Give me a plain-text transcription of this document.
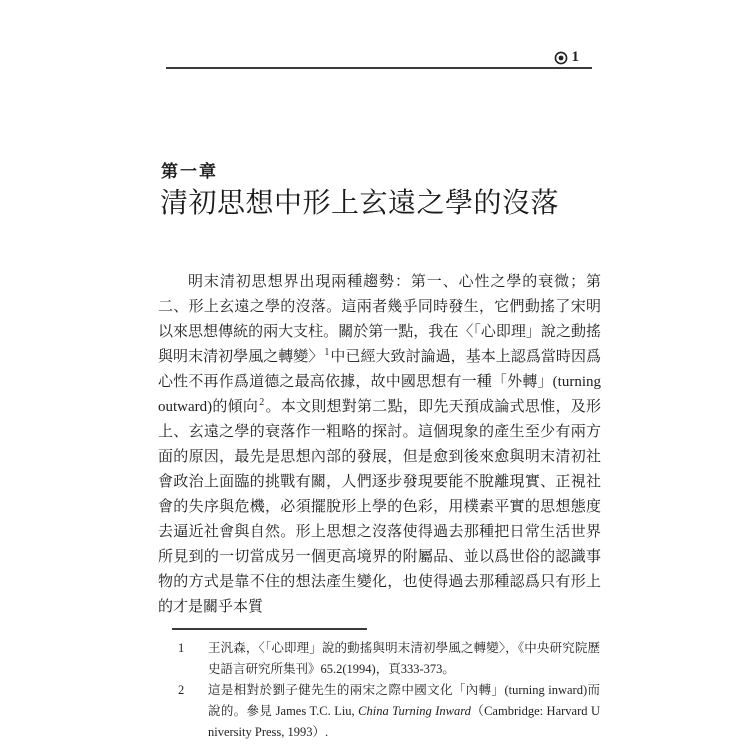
1
第一章
清初思想中形上玄遠之學的沒落

明末清初思想界出現兩種趨勢：第一、心性之學的衰微；第二、形上玄遠之學的沒落。這兩者幾乎同時發生，它們動搖了宋明以來思想傳統的兩大支柱。關於第一點，我在〈「心即理」說之動搖與明末清初學風之轉變〉$^1$中已經大致討論過，基本上認爲當時因爲心性不再作爲道德之最高依據，故中國思想有一種「外轉」(turning outward)的傾向$^2$。本文則想對第二點，即先天預成論式思惟，及形上、玄遠之學的衰落作一粗略的探討。這個現象的產生至少有兩方面的原因，最先是思想內部的發展，但是愈到後來愈與明末清初社會政治上面臨的挑戰有關，人們逐步發現要能不脫離現實、正視社會的失序與危機，必須擺脫形上學的色彩，用樸素平實的思想態度去逼近社會與自然。形上思想之沒落使得過去那種把日常生活世界所見到的一切當成另一個更高境界的附屬品、並以爲世俗的認識事物的方式是靠不住的想法產生變化，也使得過去那種認爲只有形上的才是關乎本質

1	王汎森，〈「心即理」說的動搖與明末清初學風之轉變〉，《中央研究院歷史語言研究所集刊》65.2(1994)，頁333-373。
2	這是相對於劉子健先生的兩宋之際中國文化「內轉」(turning inward)而說的。參見 James T.C. Liu, China Turning Inward（Cambridge: Harvard University Press, 1993）.
